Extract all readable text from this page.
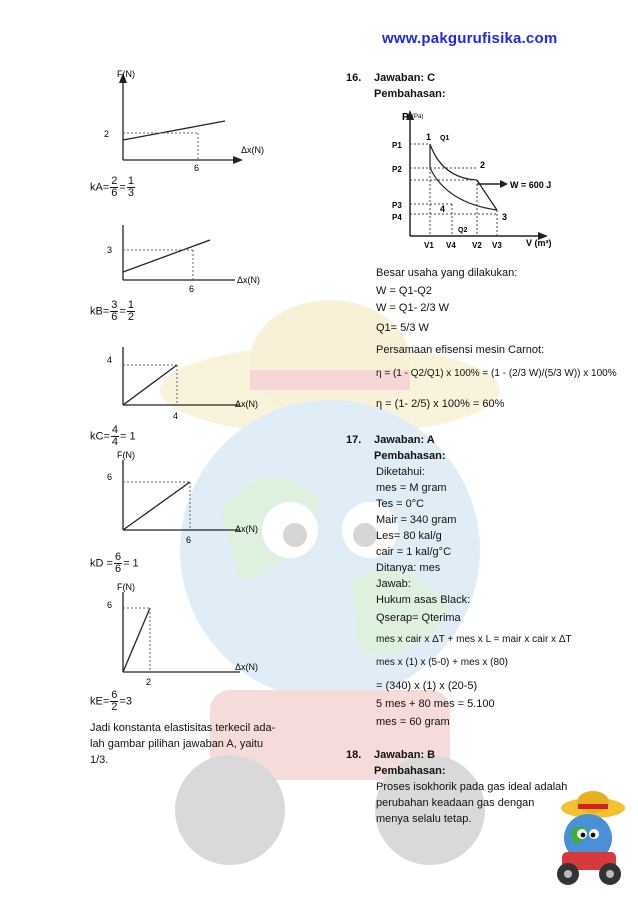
www.pakgurufisika.com
F(N)
2
6
Δx(N)
$kA= \frac{2}{6} = \frac{1}{3}$
3
6
Δx(N)
$kB= \frac{3}{6} = \frac{1}{2}$
4
4
Δx(N)
$kC= \frac{4}{4} = 1$
F(N)
6
6
Δx(N)
kD = $\frac{6}{6} = 1$
F(N)
6
2
Δx(N)
$kE= \frac{6}{2} =3$
Jadi konstanta elastisitas terkecil ada-
lah gambar pilihan jawaban A, yaitu
1/3.
16. Jawaban: C
Pembahasan:
P (Pa)
P1
P2
P3
P4
V1 V4 V2 V3	V (m³)
1
2
3
4
Q1
Q2
W = 600 J
Besar usaha yang dilakukan:
W = Q1-Q2
W = Q1- 2/3 W
Q1= 5/3 W
Persamaan efisensi mesin Carnot:
η = (1 - Q2/Q1) x 100% = (1 - (2/3 W)/(5/3 W)) x 100%
η = (1- 2/5) x 100% = 60%
17. Jawaban: A
Pembahasan:
Diketahui:
mes = M gram
Tes = 0°C
Mair = 340 gram
Les= 80 kal/g
cair = 1 kal/g°C
Ditanya: mes
Jawab:
Hukum asas Black:
Qserap= Qterima
mes x cair x ΔT + mes x L = mair x cair x ΔT
mes x (1) x (5-0) + mes x (80)
= (340) x (1) x (20-5)
5 mes + 80 mes = 5.100
mes = 60 gram
18. Jawaban: B
Pembahasan:
Proses isokhorik pada gas ideal adalah
perubahan keadaan gas dengan
menya selalu tetap.
